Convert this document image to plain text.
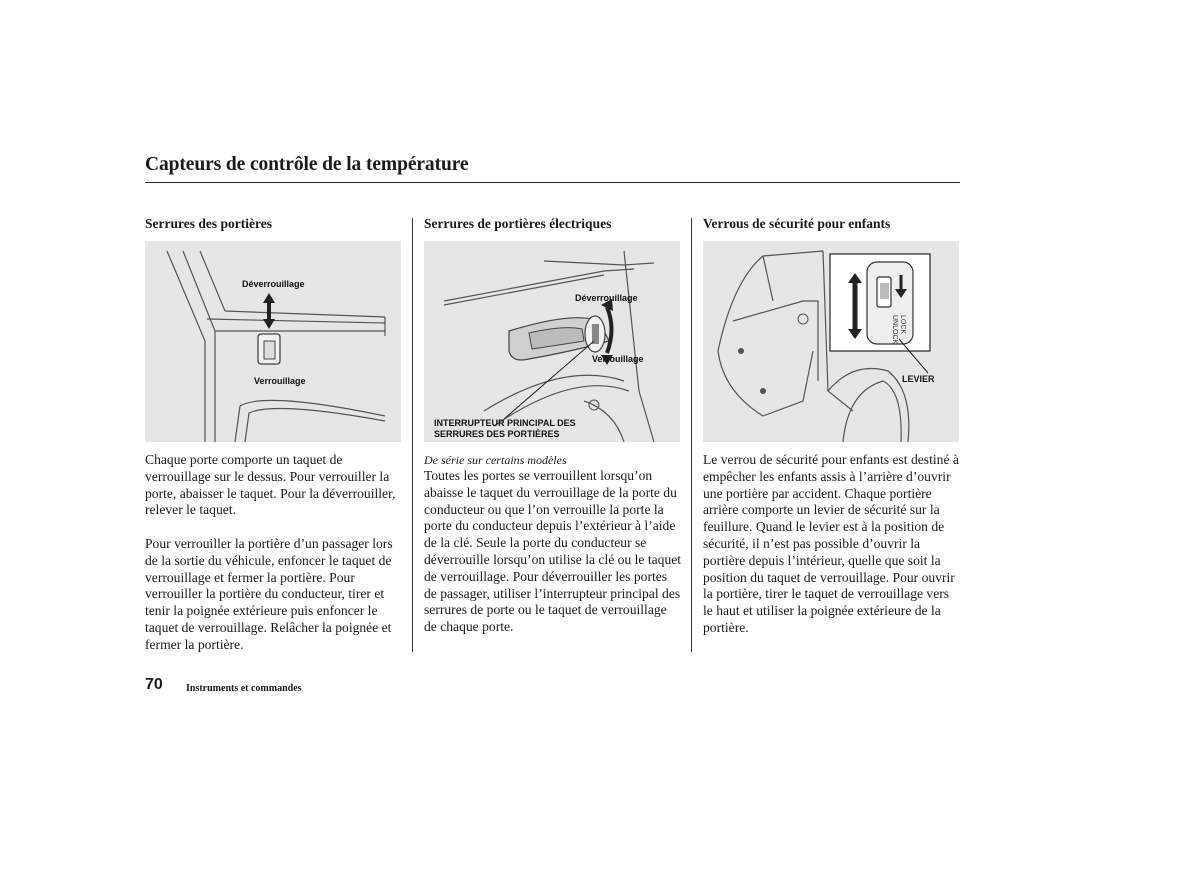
Capteurs de contrôle de la température
Serrures des portières
Déverrouillage
Verrouillage

Chaque porte comporte un taquet de verrouillage sur le dessus. Pour verrouiller la porte, abaisser le taquet. Pour la déverrouiller, relever le taquet.

Pour verrouiller la portière d’un passager lors de la sortie du véhicule, enfoncer le taquet de verrouillage et fermer la portière. Pour verrouiller la portière du conducteur, tirer et tenir la poignée extérieure puis enfoncer le taquet de verrouillage. Relâcher la poignée et fermer la portière.

Serrures de portières électriques
Déverrouillage
Verrouillage
INTERRUPTEUR PRINCIPAL DES
SERRURES DES PORTIÈRES

De série sur certains modèles

Toutes les portes se verrouillent lorsqu’on abaisse le taquet du verrouillage de la porte du conducteur ou que l’on verrouille la porte la porte du conducteur depuis l’extérieur à l’aide de la clé. Seule la porte du conducteur se déverrouille lorsqu’on utilise la clé ou le taquet de verrouillage. Pour déverrouiller les portes de passager, utiliser l’interrupteur principal des serrures de porte ou le taquet de verrouillage de chaque porte.

Verrous de sécurité pour enfants
LOCK
UNLOCK
LEVIER

Le verrou de sécurité pour enfants est destiné à empêcher les enfants assis à l’arrière d’ouvrir une portière par accident. Chaque portière arrière comporte un levier de sécurité sur la feuillure. Quand le levier est à la position de sécurité, il n’est pas possible d’ouvrir la portière depuis l’intérieur, quelle que soit la position du taquet de verrouillage. Pour ouvrir la portière, tirer le taquet de verrouillage vers le haut et utiliser la poignée extérieure de la portière.

70 Instruments et commandes
